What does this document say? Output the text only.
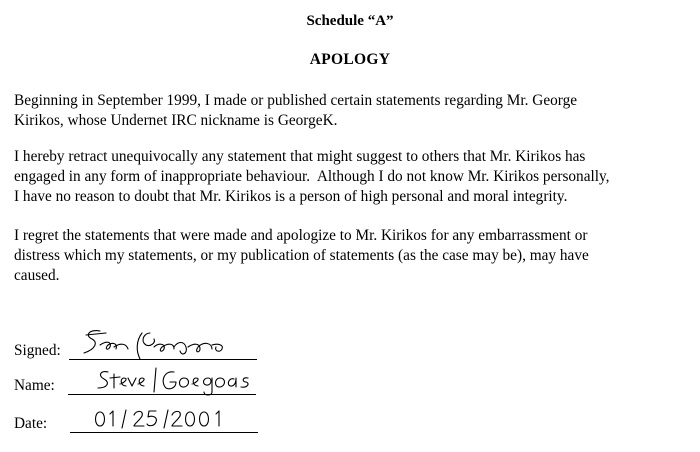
Schedule “A”
APOLOGY

Beginning in September 1999, I made or published certain statements regarding Mr. George
Kirikos, whose Undernet IRC nickname is GeorgeK.

I hereby retract unequivocally any statement that might suggest to others that Mr. Kirikos has
engaged in any form of inappropriate behaviour.  Although I do not know Mr. Kirikos personally,
I have no reason to doubt that Mr. Kirikos is a person of high personal and moral integrity.

I regret the statements that were made and apologize to Mr. Kirikos for any embarrassment or
distress which my statements, or my publication of statements (as the case may be), may have
caused.

Signed:
Name:
Date:
